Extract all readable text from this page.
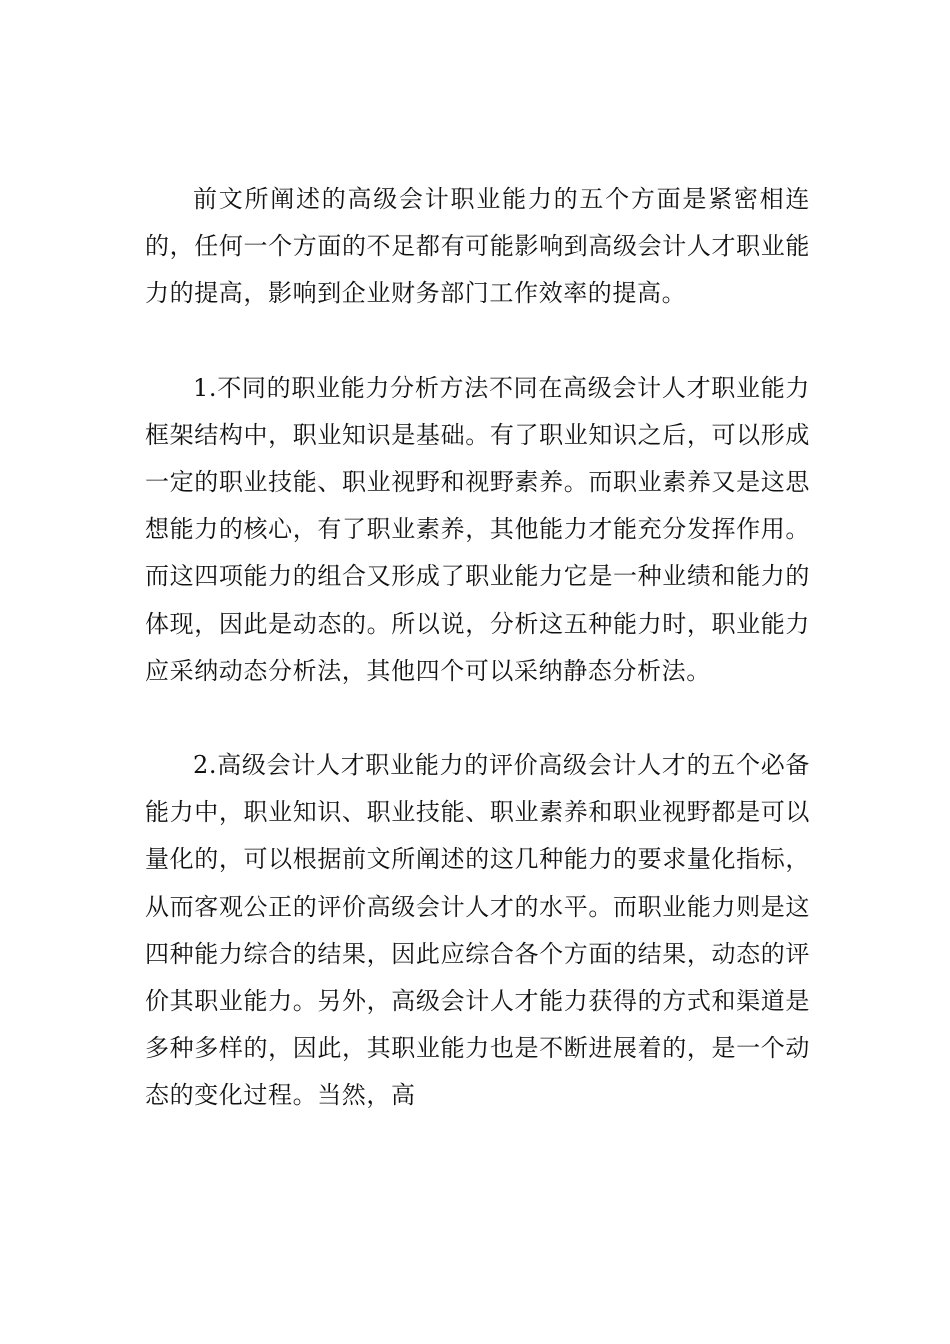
前文所阐述的高级会计职业能力的五个方面是紧密相连的，任何一个方面的不足都有可能影响到高级会计人才职业能力的提高，影响到企业财务部门工作效率的提高。

1.不同的职业能力分析方法不同在高级会计人才职业能力框架结构中，职业知识是基础。有了职业知识之后，可以形成一定的职业技能、职业视野和视野素养。而职业素养又是这思想能力的核心，有了职业素养，其他能力才能充分发挥作用。而这四项能力的组合又形成了职业能力它是一种业绩和能力的体现，因此是动态的。所以说，分析这五种能力时，职业能力应采纳动态分析法，其他四个可以采纳静态分析法。

2.高级会计人才职业能力的评价高级会计人才的五个必备能力中，职业知识、职业技能、职业素养和职业视野都是可以量化的，可以根据前文所阐述的这几种能力的要求量化指标，从而客观公正的评价高级会计人才的水平。而职业能力则是这四种能力综合的结果，因此应综合各个方面的结果，动态的评价其职业能力。另外，高级会计人才能力获得的方式和渠道是多种多样的，因此，其职业能力也是不断进展着的，是一个动态的变化过程。当然，高
